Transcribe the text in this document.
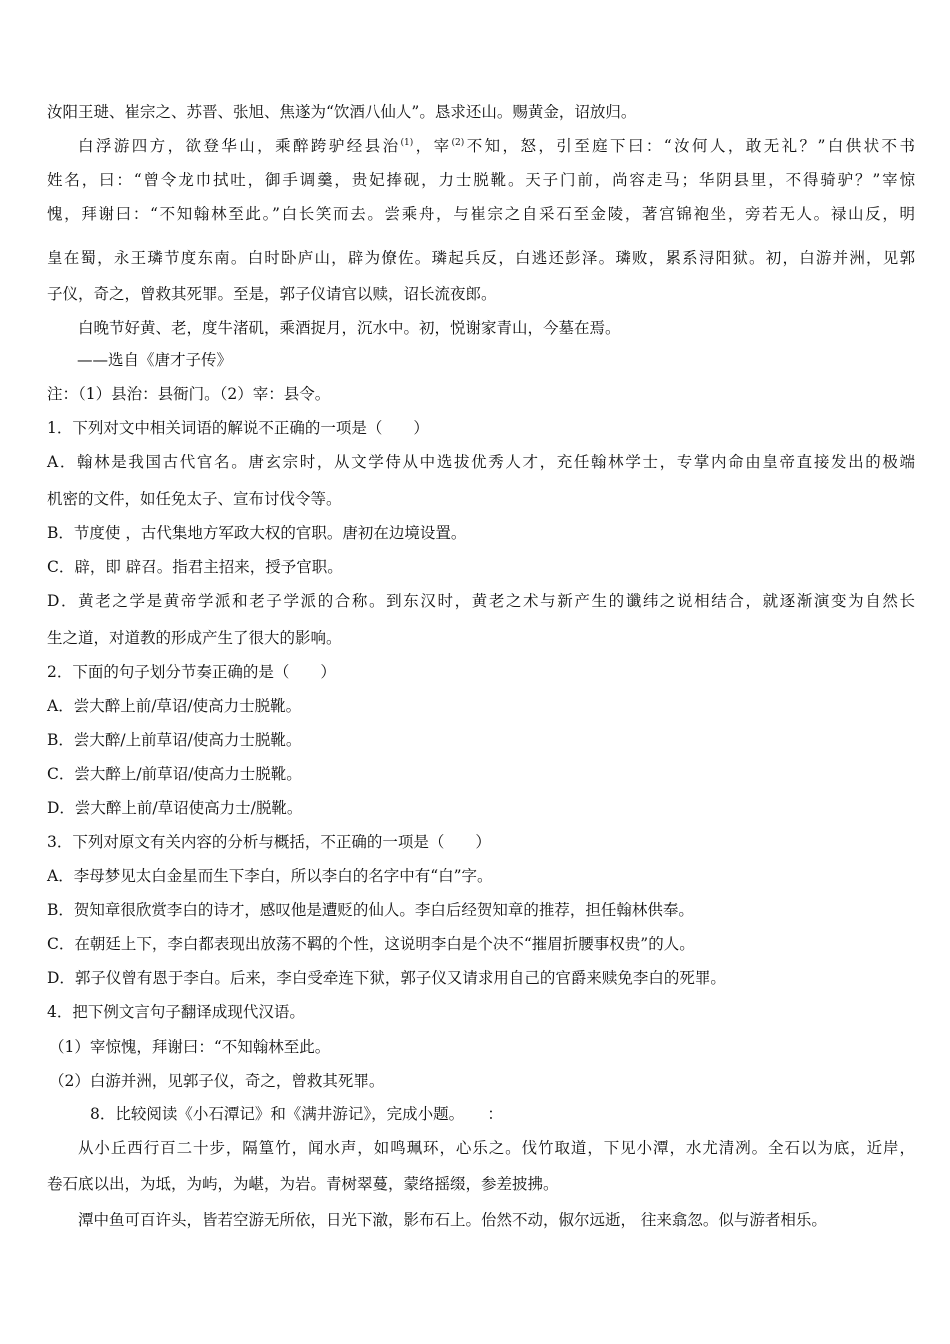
汝阳王琎、崔宗之、苏晋、张旭、焦遂为“饮酒八仙人”。恳求还山。赐黄金，诏放归。
白浮游四方，欲登华山，乘醉跨驴经县治$^{(1)}$，宰$^{(2)}$不知，怒，引至庭下曰：“汝何人，敢无礼？”白供状不书
姓名，曰：“曾令龙巾拭吐，御手调羹，贵妃捧砚，力士脱靴。天子门前，尚容走马；华阴县里，不得骑驴？”宰惊
愧，拜谢曰：“不知翰林至此。”白长笑而去。尝乘舟，与崔宗之自采石至金陵，著宫锦袍坐，旁若无人。禄山反，明
皇在蜀，永王璘节度东南。白时卧庐山，辟为僚佐。璘起兵反，白逃还彭泽。璘败，累系浔阳狱。初，白游并洲，见郭
子仪，奇之，曾救其死罪。至是，郭子仪请官以赎，诏长流夜郎。
白晚节好黄、老，度牛渚矶，乘酒捉月，沉水中。初，悦谢家青山，今墓在焉。
——选自《唐才子传》
注：（1）县治：县衙门。（2）宰：县令。
1．下列对文中相关词语的解说不正确的一项是（　　）
A．翰林是我国古代官名。唐玄宗时，从文学侍从中选拔优秀人才，充任翰林学士，专掌内命由皇帝直接发出的极端
机密的文件，如任免太子、宣布讨伐令等。
B．节度使 ，古代集地方军政大权的官职。唐初在边境设置。
C．辟，即 辟召。指君主招来，授予官职。
D．黄老之学是黄帝学派和老子学派的合称。到东汉时，黄老之术与新产生的谶纬之说相结合，就逐渐演变为自然长
生之道，对道教的形成产生了很大的影响。
2．下面的句子划分节奏正确的是（　　）
A．尝大醉上前/草诏/使高力士脱靴。
B．尝大醉/上前草诏/使高力士脱靴。
C．尝大醉上/前草诏/使高力士脱靴。
D．尝大醉上前/草诏使高力士/脱靴。
3．下列对原文有关内容的分析与概括，不正确的一项是（　　）
A．李母梦见太白金星而生下李白，所以李白的名字中有“白”字。
B．贺知章很欣赏李白的诗才，感叹他是遭贬的仙人。李白后经贺知章的推荐，担任翰林供奉。
C．在朝廷上下，李白都表现出放荡不羁的个性，这说明李白是个决不“摧眉折腰事权贵”的人。
D．郭子仪曾有恩于李白。后来，李白受牵连下狱，郭子仪又请求用自己的官爵来赎免李白的死罪。
4．把下例文言句子翻译成现代汉语。
（1）宰惊愧，拜谢曰：“不知翰林至此。
（2）白游并洲，见郭子仪，奇之，曾救其死罪。
8．比较阅读《小石潭记》和《满井游记》，完成小题。　　：
从小丘西行百二十步，隔篁竹，闻水声，如鸣珮环，心乐之。伐竹取道，下见小潭，水尤清冽。全石以为底，近岸，
卷石底以出，为坻，为屿，为嵁，为岩。青树翠蔓，蒙络摇缀，参差披拂。
潭中鱼可百许头，皆若空游无所依，日光下澈，影布石上。佁然不动，俶尔远逝， 往来翕忽。似与游者相乐。
